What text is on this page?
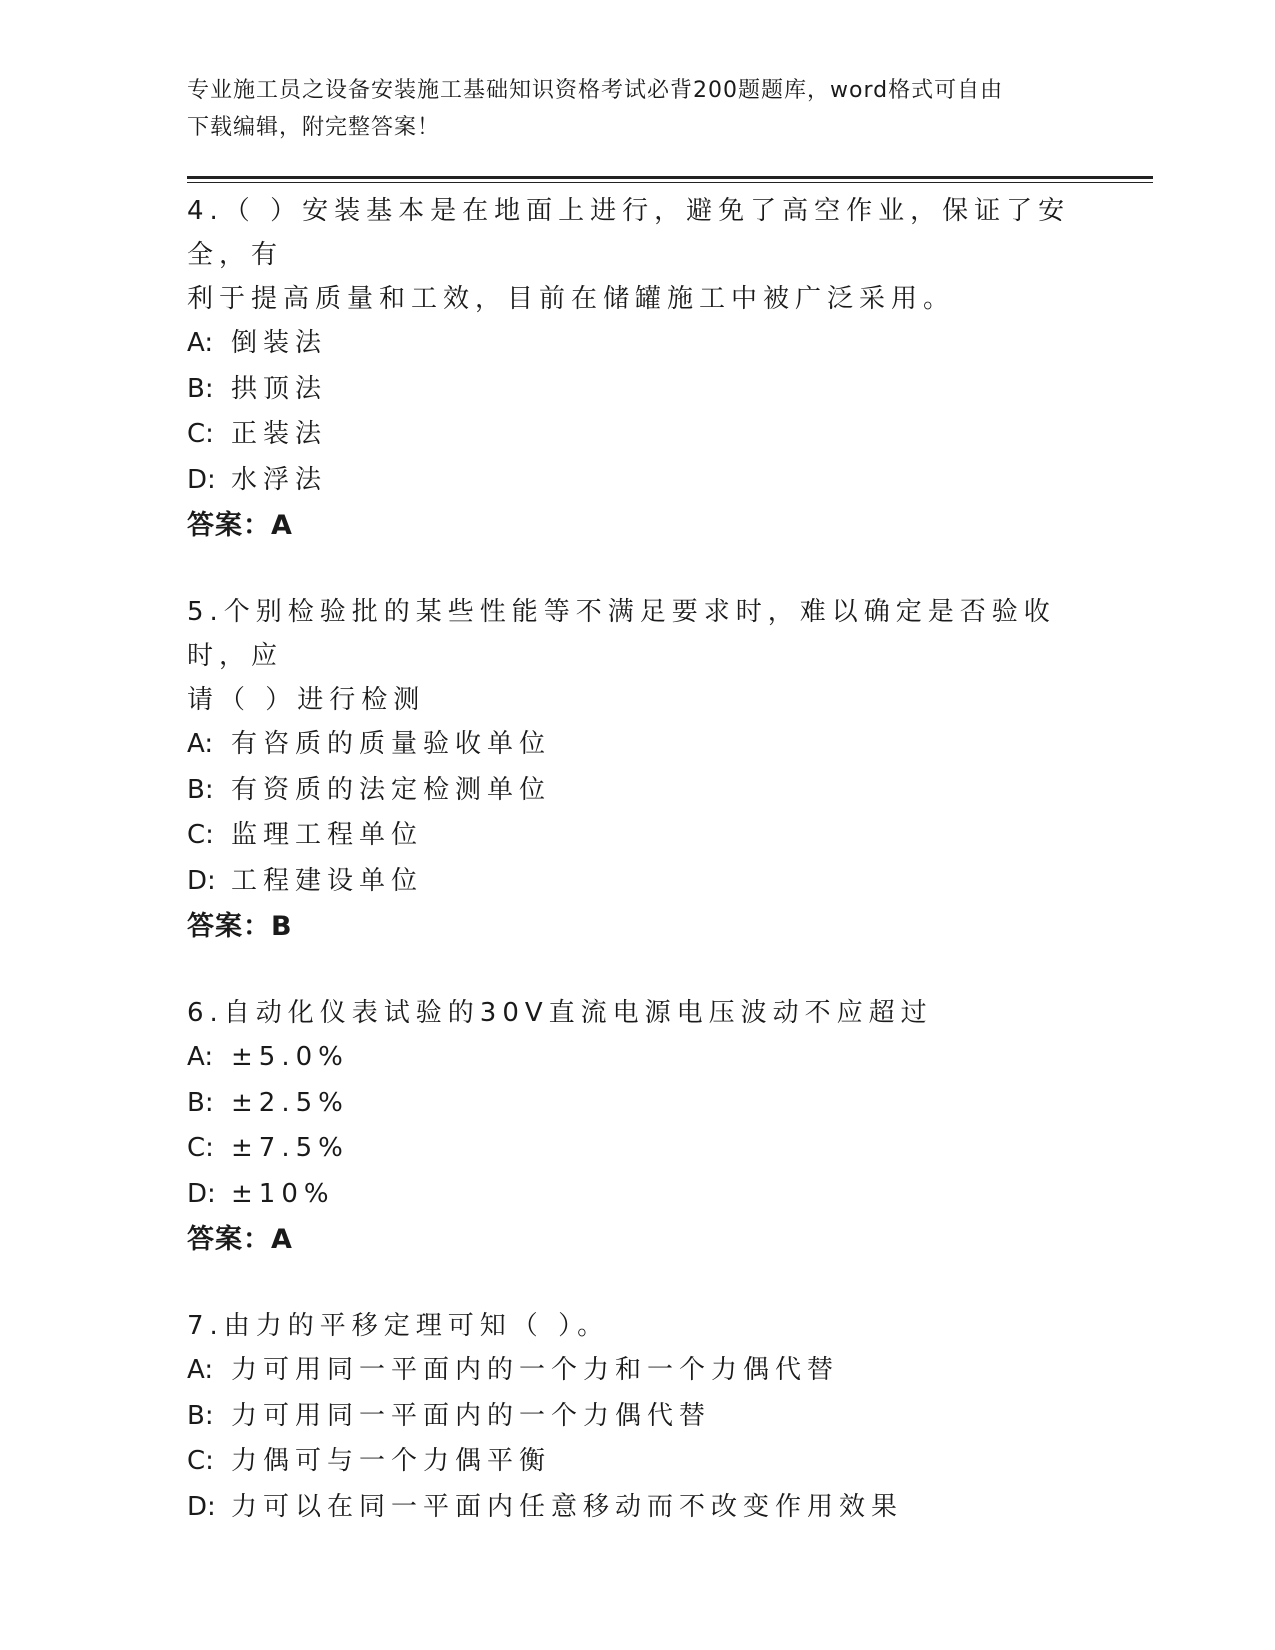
专业施工员之设备安装施工基础知识资格考试必背200题题库，word格式可自由
下载编辑，附完整答案！
4.（ ）安装基本是在地面上进行，避免了高空作业，保证了安全，有
利于提高质量和工效，目前在储罐施工中被广泛采用。
A: 倒装法
B: 拱顶法
C: 正装法
D: 水浮法
答案：A
5.个别检验批的某些性能等不满足要求时，难以确定是否验收时，应
请（ ）进行检测
A: 有咨质的质量验收单位
B: 有资质的法定检测单位
C: 监理工程单位
D: 工程建设单位
答案：B
6.自动化仪表试验的30V直流电源电压波动不应超过
A: ±5.0%
B: ±2.5%
C: ±7.5%
D: ±10%
答案：A
7.由力的平移定理可知（ ）。
A: 力可用同一平面内的一个力和一个力偶代替
B: 力可用同一平面内的一个力偶代替
C: 力偶可与一个力偶平衡
D: 力可以在同一平面内任意移动而不改变作用效果
